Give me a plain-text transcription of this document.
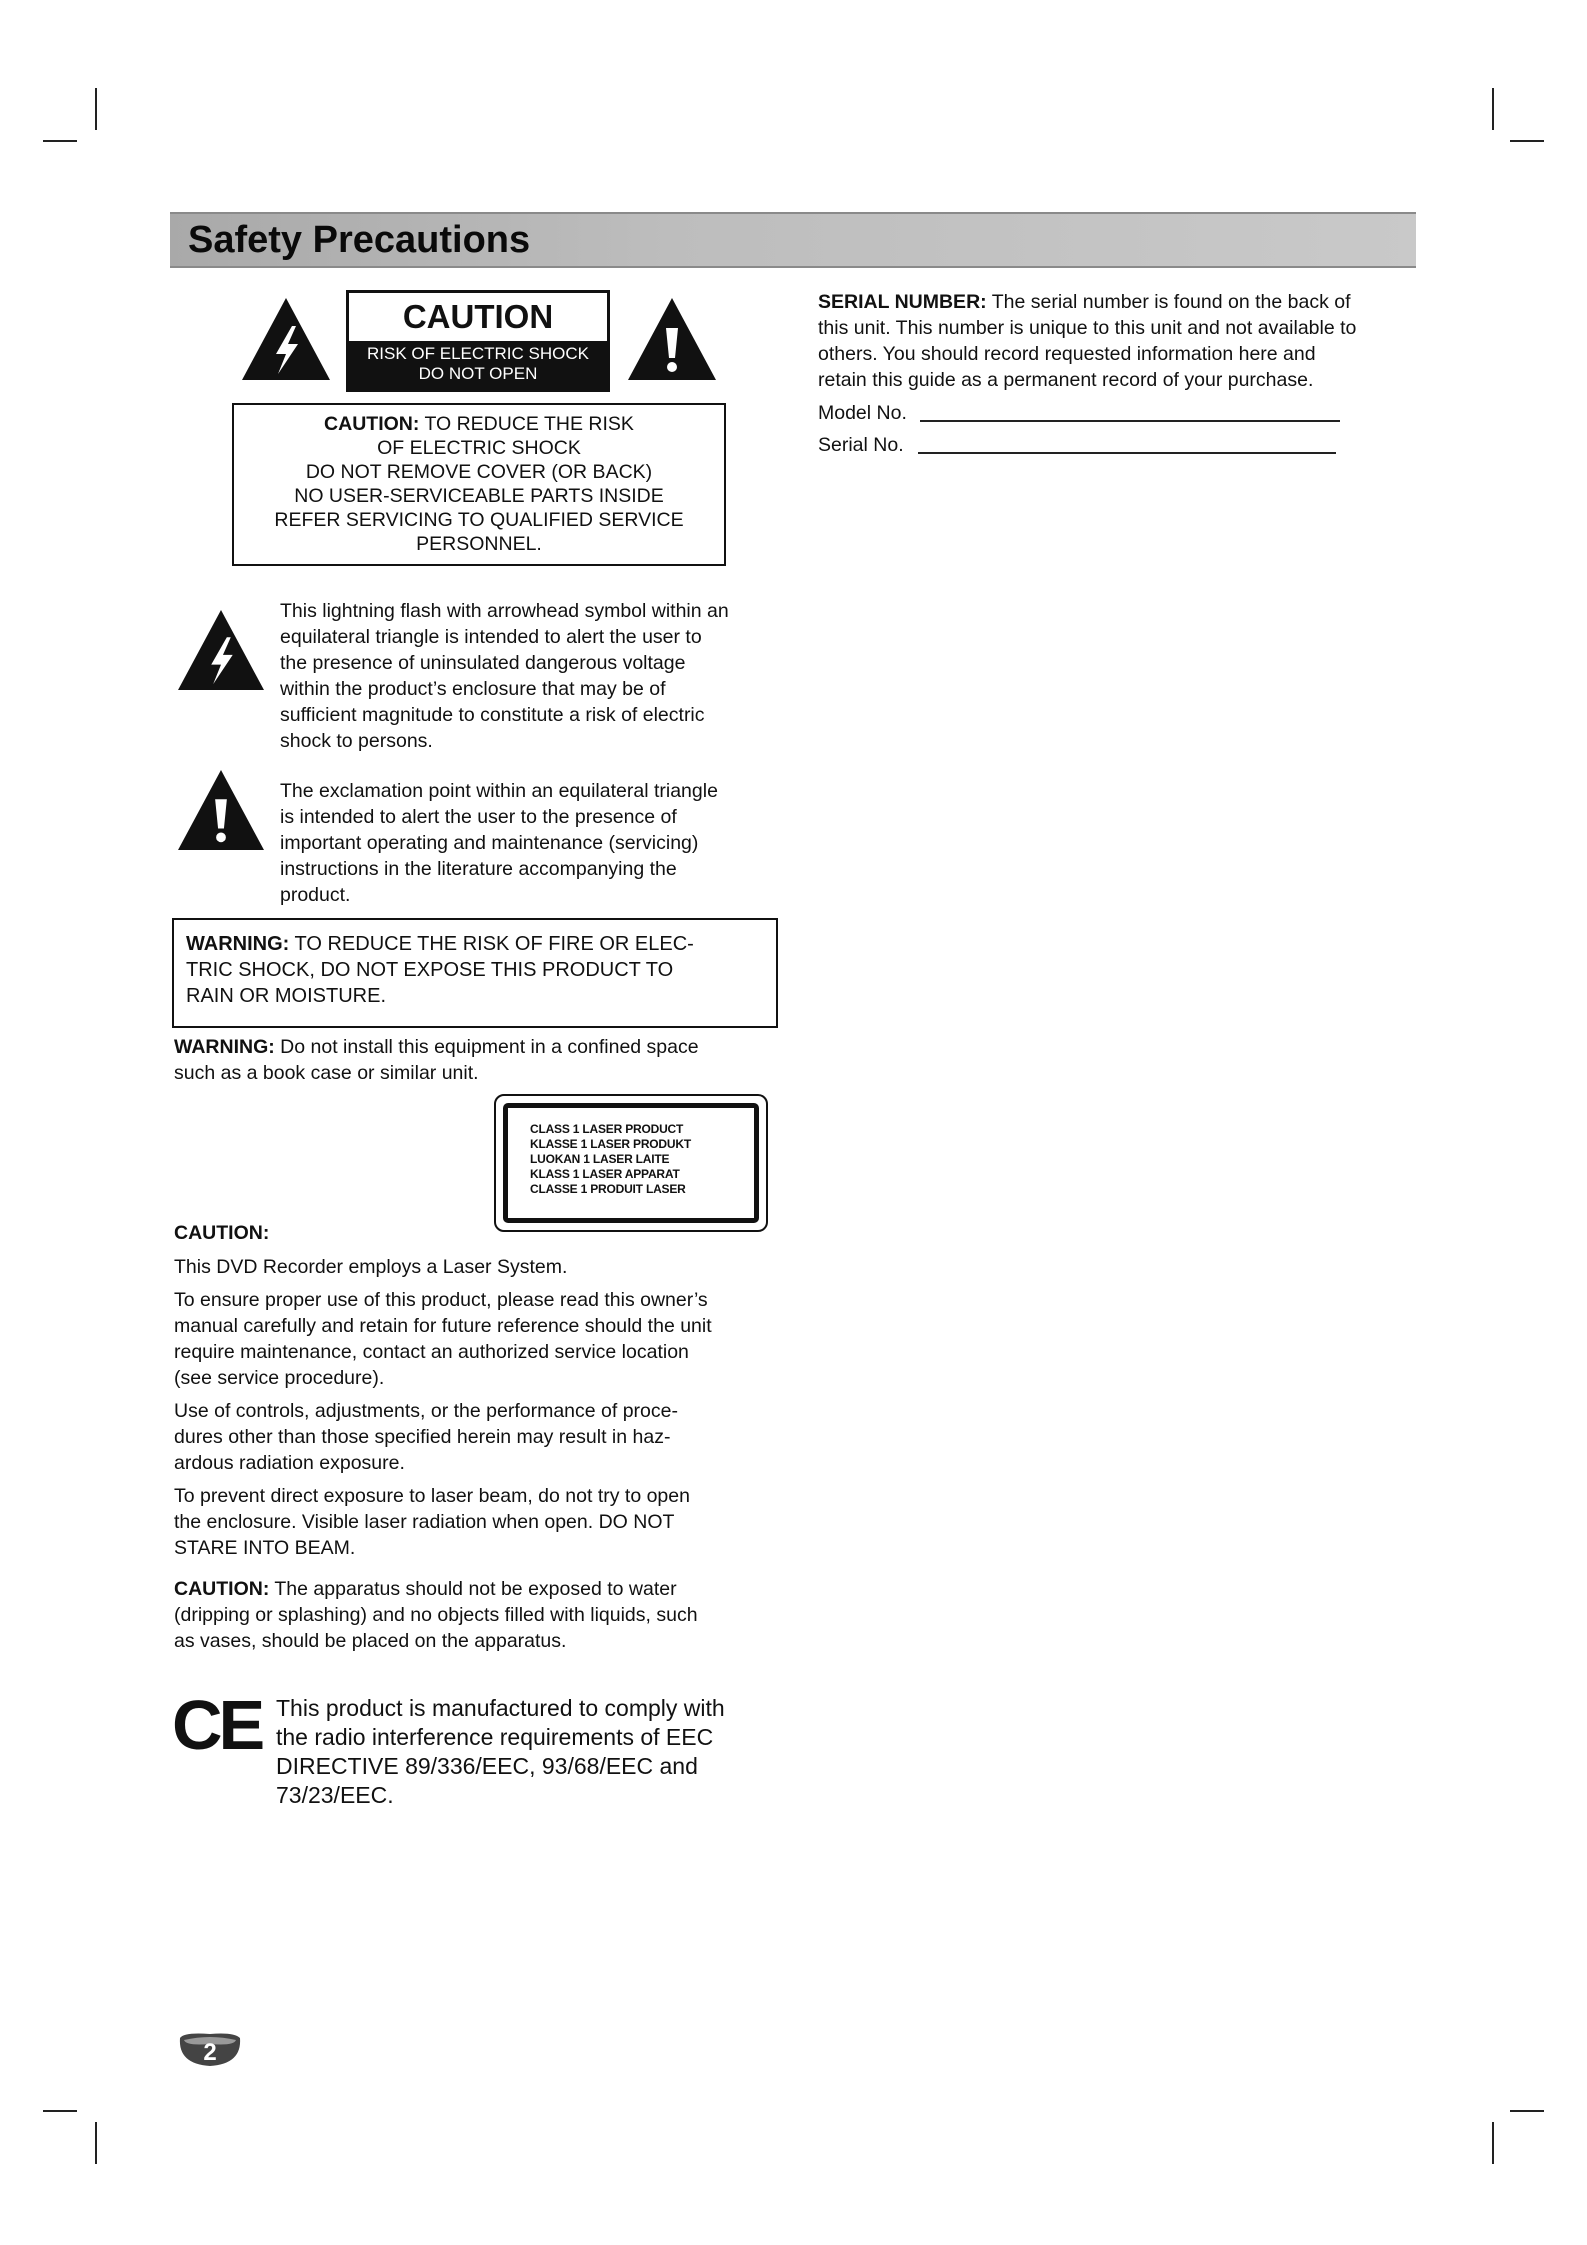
Safety Precautions
CAUTION
RISK OF ELECTRIC SHOCK
DO NOT OPEN
CAUTION: TO REDUCE THE RISK
OF ELECTRIC SHOCK
DO NOT REMOVE COVER (OR BACK)
NO USER-SERVICEABLE PARTS INSIDE
REFER SERVICING TO QUALIFIED SERVICE
PERSONNEL.

This lightning flash with arrowhead symbol within an

equilateral triangle is intended to alert the user to

the presence of uninsulated dangerous voltage

within the product’s enclosure that may be of

sufficient magnitude to constitute a risk of electric

shock to persons.

The exclamation point within an equilateral triangle

is intended to alert the user to the presence of

important operating and maintenance (servicing)

instructions in the literature accompanying the

product.

WARNING: TO REDUCE THE RISK OF FIRE OR ELEC-
TRIC SHOCK, DO NOT EXPOSE THIS PRODUCT TO
RAIN OR MOISTURE.

WARNING: Do not install this equipment in a confined space

such as a book case or similar unit.

CLASS 1 LASER PRODUCT
KLASSE 1 LASER PRODUKT
LUOKAN 1 LASER LAITE
KLASS 1 LASER APPARAT
CLASSE 1 PRODUIT LASER

CAUTION:

This DVD Recorder employs a Laser System.

To ensure proper use of this product, please read this owner’s

manual carefully and retain for future reference should the unit

require maintenance, contact an authorized service location

(see service procedure).

Use of controls, adjustments, or the performance of proce-

dures other than those specified herein may result in haz-

ardous radiation exposure.

To prevent direct exposure to laser beam, do not try to open

the enclosure. Visible laser radiation when open. DO NOT

STARE INTO BEAM.

CAUTION: The apparatus should not be exposed to water

(dripping or splashing) and no objects filled with liquids, such

as vases, should be placed on the apparatus.

CE This product is manufactured to comply with
the radio interference requirements of EEC
DIRECTIVE 89/336/EEC, 93/68/EEC and
73/23/EEC.

SERIAL NUMBER: The serial number is found on the back of

this unit. This number is unique to this unit and not available to

others. You should record requested information here and

retain this guide as a permanent record of your purchase.

Model No.
Serial No.
2
